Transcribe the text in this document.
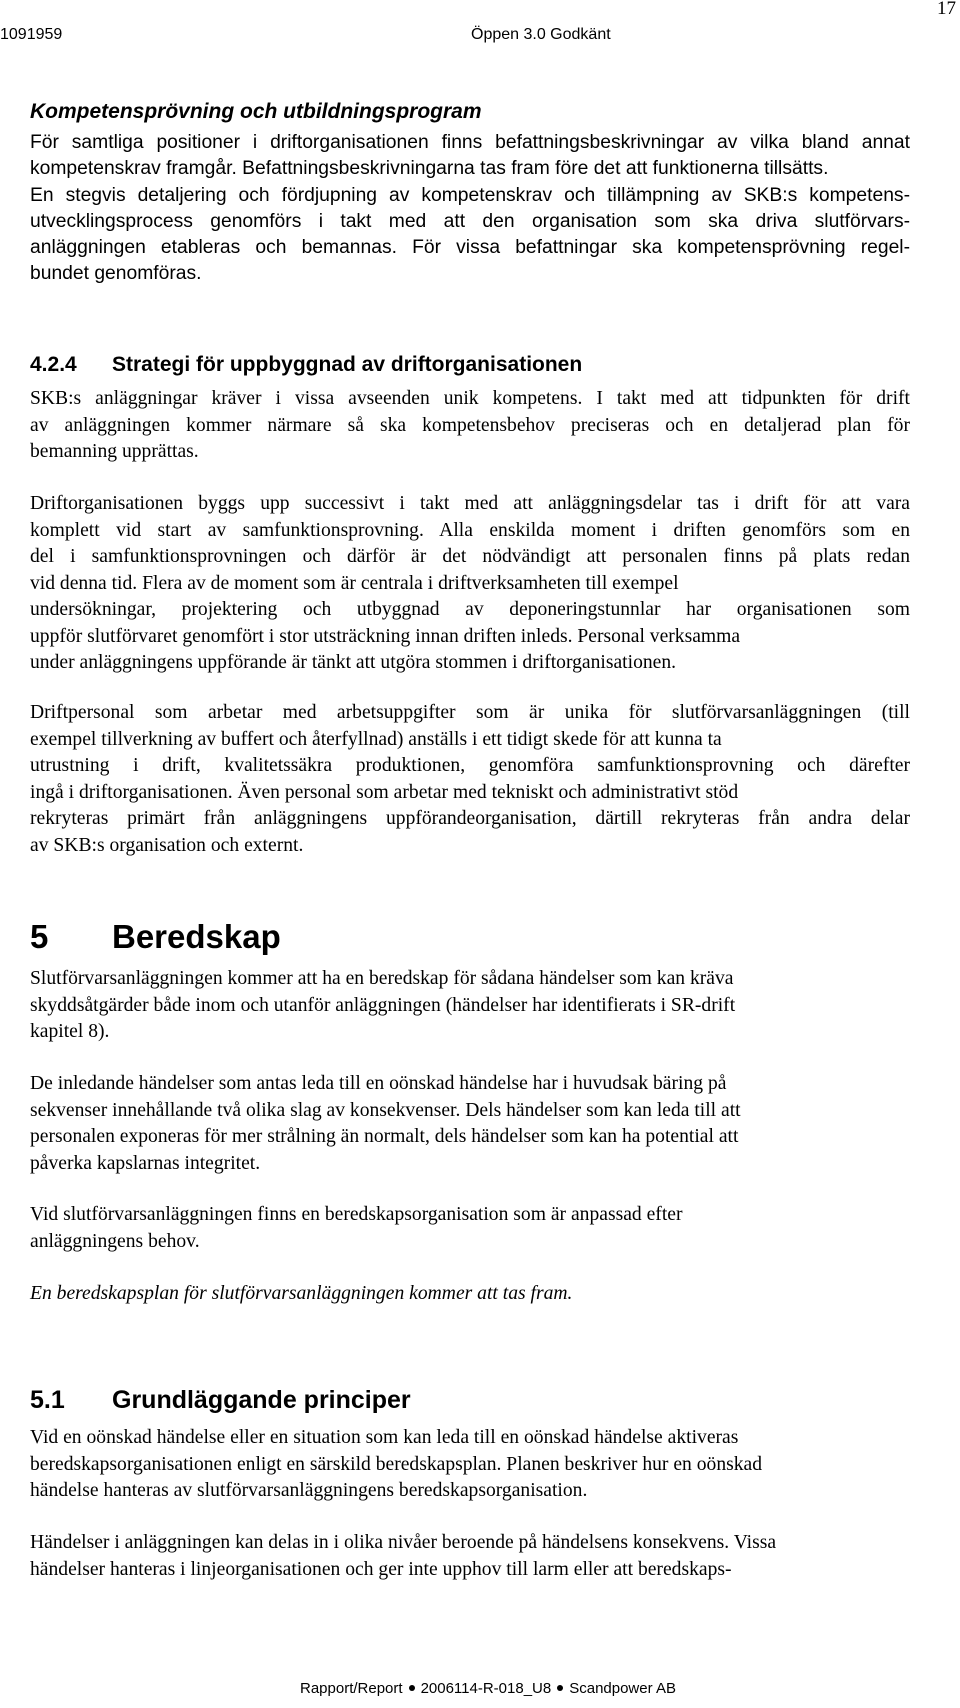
1091959	Öppen 3.0 Godkänt
17
Kompetensprövning och utbildningsprogram
För samtliga positioner i driftorganisationen finns befattningsbeskrivningar av vilka bland annat
kompetenskrav framgår. Befattningsbeskrivningarna tas fram före det att funktionerna tillsätts.
En stegvis detaljering och fördjupning av kompetenskrav och tillämpning av SKB:s kompetens-
utvecklingsprocess genomförs i takt med att den organisation som ska driva slutförvars-
anläggningen etableras och bemannas. För vissa befattningar ska kompetensprövning regel-
bundet genomföras.
4.2.4 Strategi för uppbyggnad av driftorganisationen
SKB:s anläggningar kräver i vissa avseenden unik kompetens. I takt med att tidpunkten för drift
av anläggningen kommer närmare så ska kompetensbehov preciseras och en detaljerad plan för
bemanning upprättas.
Driftorganisationen byggs upp successivt i takt med att anläggningsdelar tas i drift för att vara
komplett vid start av samfunktionsprovning. Alla enskilda moment i driften genomförs som en
del i samfunktionsprovningen och därför är det nödvändigt att personalen finns på plats redan
vid denna tid. Flera av de moment som är centrala i driftverksamheten till exempel
undersökningar, projektering och utbyggnad av deponeringstunnlar har organisationen som
uppför slutförvaret genomfört i stor utsträckning innan driften inleds. Personal verksamma
under anläggningens uppförande är tänkt att utgöra stommen i driftorganisationen.
Driftpersonal som arbetar med arbetsuppgifter som är unika för slutförvarsanläggningen (till
exempel tillverkning av buffert och återfyllnad) anställs i ett tidigt skede för att kunna ta
utrustning i drift, kvalitetssäkra produktionen, genomföra samfunktionsprovning och därefter
ingå i driftorganisationen. Även personal som arbetar med tekniskt och administrativt stöd
rekryteras primärt från anläggningens uppförandeorganisation, därtill rekryteras från andra delar
av SKB:s organisation och externt.
5 Beredskap
Slutförvarsanläggningen kommer att ha en beredskap för sådana händelser som kan kräva
skyddsåtgärder både inom och utanför anläggningen (händelser har identifierats i SR-drift
kapitel 8).
De inledande händelser som antas leda till en oönskad händelse har i huvudsak bäring på
sekvenser innehållande två olika slag av konsekvenser. Dels händelser som kan leda till att
personalen exponeras för mer strålning än normalt, dels händelser som kan ha potential att
påverka kapslarnas integritet.
Vid slutförvarsanläggningen finns en beredskapsorganisation som är anpassad efter
anläggningens behov.
En beredskapsplan för slutförvarsanläggningen kommer att tas fram.
5.1 Grundläggande principer
Vid en oönskad händelse eller en situation som kan leda till en oönskad händelse aktiveras
beredskapsorganisationen enligt en särskild beredskapsplan. Planen beskriver hur en oönskad
händelse hanteras av slutförvarsanläggningens beredskapsorganisation.
Händelser i anläggningen kan delas in i olika nivåer beroende på händelsens konsekvens. Vissa
händelser hanteras i linjeorganisationen och ger inte upphov till larm eller att beredskaps-
Rapport/Report 2006114-R-018_U8 Scandpower AB
